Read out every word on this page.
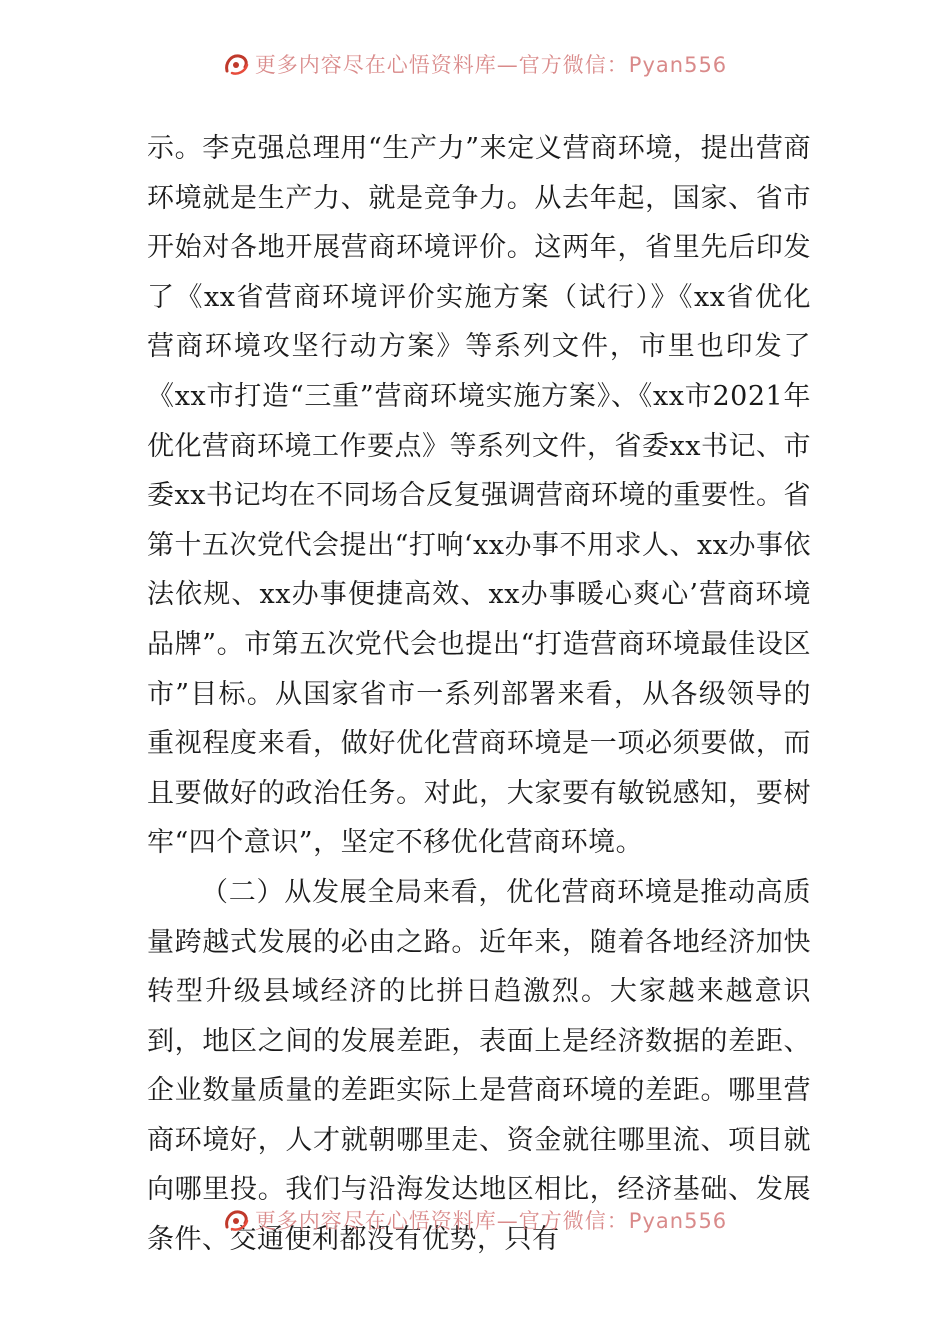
更多内容尽在心悟资料库—官方微信：Pyan556

示。李克强总理用“生产力”来定义营商环境，提出营商环境就是生产力、就是竞争力。从去年起，国家、省市开始对各地开展营商环境评价。这两年，省里先后印发了《xx省营商环境评价实施方案（试行）》《xx省优化营商环境攻坚行动方案》等系列文件，市里也印发了《xx市打造“三重”营商环境实施方案》、《xx市2021年优化营商环境工作要点》等系列文件，省委xx书记、市委xx书记均在不同场合反复强调营商环境的重要性。省第十五次党代会提出“打响‘xx办事不用求人、xx办事依法依规、xx办事便捷高效、xx办事暖心爽心’营商环境品牌”。市第五次党代会也提出“打造营商环境最佳设区市”目标。从国家省市一系列部署来看，从各级领导的重视程度来看，做好优化营商环境是一项必须要做，而且要做好的政治任务。对此，大家要有敏锐感知，要树牢“四个意识”，坚定不移优化营商环境。

（二）从发展全局来看，优化营商环境是推动高质量跨越式发展的必由之路。近年来，随着各地经济加快转型升级县域经济的比拼日趋激烈。大家越来越意识到，地区之间的发展差距，表面上是经济数据的差距、企业数量质量的差距实际上是营商环境的差距。哪里营商环境好，人才就朝哪里走、资金就往哪里流、项目就向哪里投。我们与沿海发达地区相比，经济基础、发展条件、交通便利都没有优势，只有

更多内容尽在心悟资料库—官方微信：Pyan556
